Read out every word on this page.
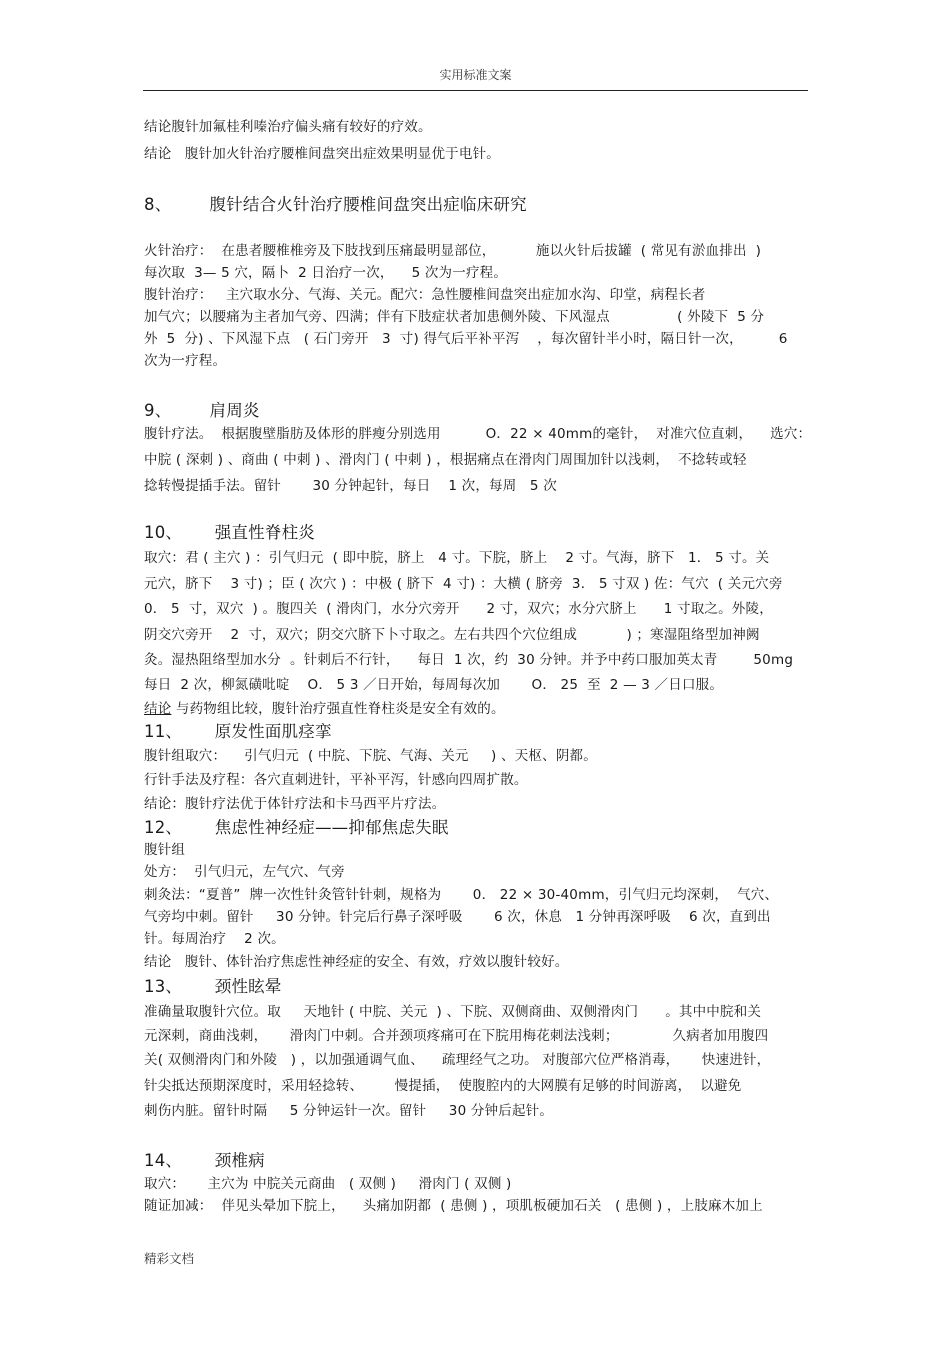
实用标准文案
结论腹针加氟桂利嗪治疗偏头痛有较好的疗效。
结论   腹针加火针治疗腰椎间盘突出症效果明显优于电针。
8、       腹针结合火针治疗腰椎间盘突出症临床研究
火针治疗：  在患者腰椎椎旁及下肢找到压痛最明显部位，         施以火针后拔罐  ( 常见有淤血排出  )
每次取  3— 5 穴，隔卜  2 日治疗一次，    5 次为一疗程。
腹针治疗：   主穴取水分、气海、关元。配穴：急性腰椎间盘突出症加水沟、印堂，病程长者
加气穴；以腰痛为主者加气旁、四满；伴有下肢症状者加患侧外陵、下风湿点               ( 外陵下  5 分
外  5  分) 、下风湿下点   ( 石门旁开   3  寸) 得气后平补平泻    ，每次留针半小时，隔日针一次，        6
次为一疗程。
9、       肩周炎
腹针疗法。  根据腹壁脂肪及体形的胖瘦分别选用          O．22 × 40mm的毫针，  对准穴位直刺，    选穴：
中脘 ( 深刺 ) 、商曲 ( 中刺 ) 、滑肉门 ( 中刺 ) ，根据痛点在滑肉门周围加针以浅刺，  不捻转或轻
捻转慢提插手法。留针       30 分钟起针，每日    1 次，每周   5 次
10、      强直性脊柱炎
取穴：君 ( 主穴 ) ：引气归元  ( 即中脘，脐上   4 寸。下脘，脐上    2 寸。气海，脐下   1． 5 寸。关
元穴，脐下    3 寸) ；臣 ( 次穴 ) ：中极 ( 脐下  4 寸) ：大横 ( 脐旁  3． 5 寸双 ) 佐：气穴  ( 关元穴旁
0． 5  寸，双穴  ) 。腹四关  ( 滑肉门，水分穴旁开      2 寸，双穴；水分穴脐上      1 寸取之。外陵，
阴交穴旁开    2  寸，双穴；阴交穴脐下卜寸取之。左右共四个穴位组成           ) ；寒湿阻络型加神阙
灸。湿热阻络型加水分  。针刺后不行针，    每日  1 次，约  30 分钟。并予中药口服加英太青        50mg
每日  2 次，柳氮磺吡啶    O． 5 3 ／日开始，每周每次加       O． 25  至  2 — 3 ／日口服。
结论 与药物组比较，腹针治疗强直性脊柱炎是安全有效的。
11、      原发性面肌痉挛
腹针组取穴：    引气归元  ( 中脘、下脘、气海、关元     ) 、天枢、阴都。
行针手法及疗程：各穴直刺进针，平补平泻，针感向四周扩散。
结论：腹针疗法优于体针疗法和卡马西平片疗法。
12、      焦虑性神经症——抑郁焦虑失眠
腹针组
处方：  引气归元，左气穴、气旁
刺灸法：“夏普”  牌一次性针灸管针针刺，规格为       0． 22 × 30-40mm，引气归元均深刺，  气穴、
气旁均中刺。留针     30 分钟。针完后行鼻子深呼吸       6 次，休息   1 分钟再深呼吸    6 次，直到出
针。每周治疗    2 次。
结论   腹针、体针治疗焦虑性神经症的安全、有效，疗效以腹针较好。
13、      颈性眩晕
准确量取腹针穴位。取     天地针 ( 中脘、关元  ) 、下脘、双侧商曲、双侧滑肉门      。其中中脘和关
元深刺，商曲浅刺，     滑肉门中刺。合并颈项疼痛可在下脘用梅花刺法浅刺；            久病者加用腹四
关( 双侧滑肉门和外陵   ) ，以加强通调气血、    疏理经气之功。 对腹部穴位严格消毒，     快速进针，
针尖抵达预期深度时，采用轻捻转、       慢提插，  使腹腔内的大网膜有足够的时间游离，  以避免
刺伤内脏。留针时隔     5 分钟运针一次。留针     30 分钟后起针。
14、      颈椎病
取穴：     主穴为 中脘关元商曲   ( 双侧 )     滑肉门 ( 双侧 )
随证加减：  伴见头晕加下脘上，    头痛加阴都  ( 患侧 ) ，项肌板硬加石关   ( 患侧 ) ，上肢麻木加上
精彩文档
